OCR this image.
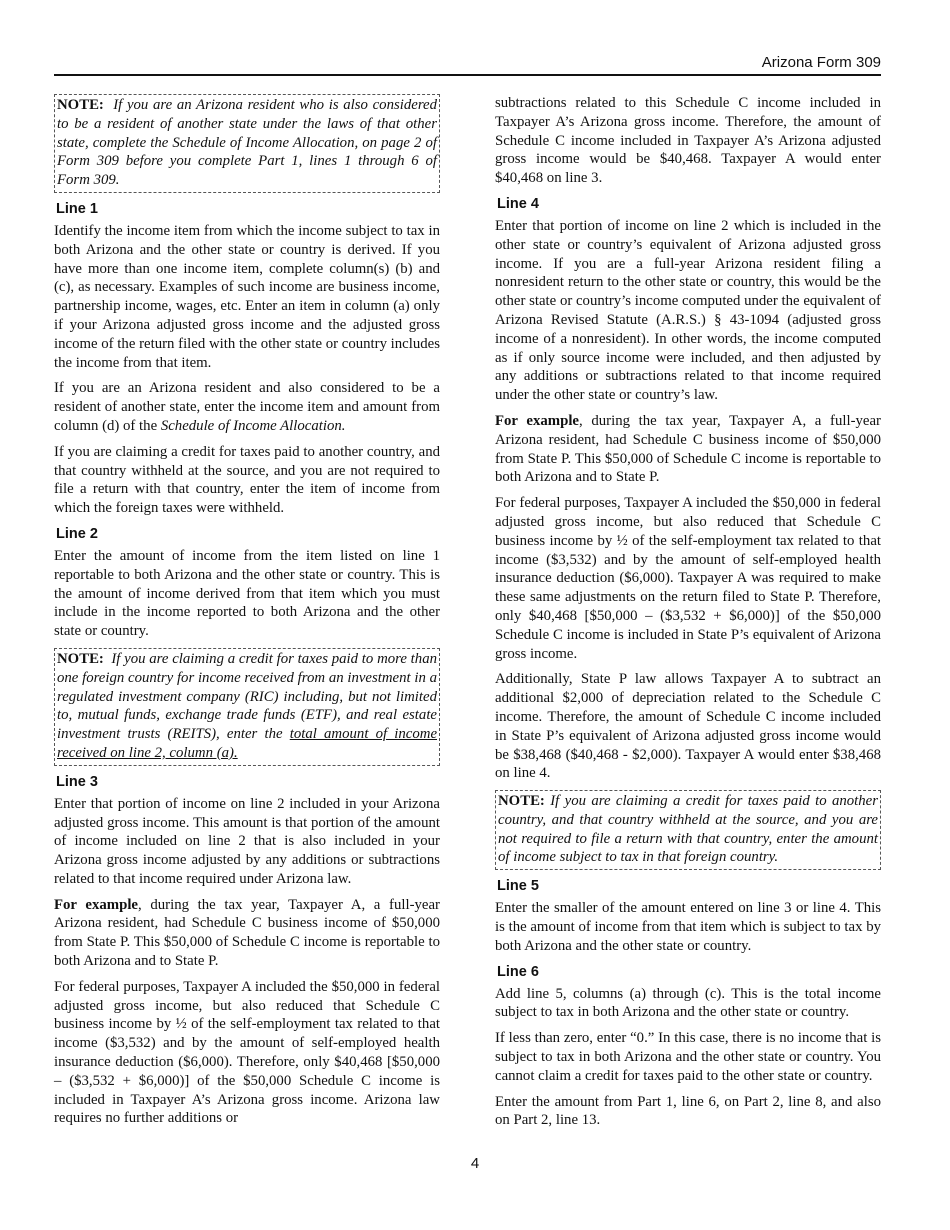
Arizona Form 309
NOTE: If you are an Arizona resident who is also considered to be a resident of another state under the laws of that other state, complete the Schedule of Income Allocation, on page 2 of Form 309 before you complete Part 1, lines 1 through 6 of Form 309.
Line 1

Identify the income item from which the income subject to tax in both Arizona and the other state or country is derived. If you have more than one income item, complete column(s) (b) and (c), as necessary. Examples of such income are business income, partnership income, wages, etc. Enter an item in column (a) only if your Arizona adjusted gross income and the adjusted gross income of the return filed with the other state or country includes the income from that item.

If you are an Arizona resident and also considered to be a resident of another state, enter the income item and amount from column (d) of the Schedule of Income Allocation.

If you are claiming a credit for taxes paid to another country, and that country withheld at the source, and you are not required to file a return with that country, enter the item of income from which the foreign taxes were withheld.

Line 2

Enter the amount of income from the item listed on line 1 reportable to both Arizona and the other state or country. This is the amount of income derived from that item which you must include in the income reported to both Arizona and the other state or country.

NOTE: If you are claiming a credit for taxes paid to more than one foreign country for income received from an investment in a regulated investment company (RIC) including, but not limited to, mutual funds, exchange trade funds (ETF), and real estate investment trusts (REITS), enter the total amount of income received on line 2, column (a).
Line 3

Enter that portion of income on line 2 included in your Arizona adjusted gross income. This amount is that portion of the amount of income included on line 2 that is also included in your Arizona gross income adjusted by any additions or subtractions related to that income required under Arizona law.

For example, during the tax year, Taxpayer A, a full-year Arizona resident, had Schedule C business income of $50,000 from State P. This $50,000 of Schedule C income is reportable to both Arizona and to State P.

For federal purposes, Taxpayer A included the $50,000 in federal adjusted gross income, but also reduced that Schedule C business income by ½ of the self-employment tax related to that income ($3,532) and by the amount of self-employed health insurance deduction ($6,000). Therefore, only $40,468 [$50,000 – ($3,532 + $6,000)] of the $50,000 Schedule C income is included in Taxpayer A’s Arizona gross income. Arizona law requires no further additions or

subtractions related to this Schedule C income included in Taxpayer A’s Arizona gross income. Therefore, the amount of Schedule C income included in Taxpayer A’s Arizona adjusted gross income would be $40,468. Taxpayer A would enter $40,468 on line 3.

Line 4

Enter that portion of income on line 2 which is included in the other state or country’s equivalent of Arizona adjusted gross income. If you are a full-year Arizona resident filing a nonresident return to the other state or country, this would be the other state or country’s income computed under the equivalent of Arizona Revised Statute (A.R.S.) § 43-1094 (adjusted gross income of a nonresident). In other words, the income computed as if only source income were included, and then adjusted by any additions or subtractions related to that income required under the other state or country’s law.

For example, during the tax year, Taxpayer A, a full-year Arizona resident, had Schedule C business income of $50,000 from State P. This $50,000 of Schedule C income is reportable to both Arizona and to State P.

For federal purposes, Taxpayer A included the $50,000 in federal adjusted gross income, but also reduced that Schedule C business income by ½ of the self-employment tax related to that income ($3,532) and by the amount of self-employed health insurance deduction ($6,000). Taxpayer A was required to make these same adjustments on the return filed to State P. Therefore, only $40,468 [$50,000 – ($3,532 + $6,000)] of the $50,000 Schedule C income is included in State P’s equivalent of Arizona gross income.

Additionally, State P law allows Taxpayer A to subtract an additional $2,000 of depreciation related to the Schedule C income. Therefore, the amount of Schedule C income included in State P’s equivalent of Arizona adjusted gross income would be $38,468 ($40,468 - $2,000). Taxpayer A would enter $38,468 on line 4.

NOTE: If you are claiming a credit for taxes paid to another country, and that country withheld at the source, and you are not required to file a return with that country, enter the amount of income subject to tax in that foreign country.
Line 5

Enter the smaller of the amount entered on line 3 or line 4. This is the amount of income from that item which is subject to tax by both Arizona and the other state or country.

Line 6

Add line 5, columns (a) through (c). This is the total income subject to tax in both Arizona and the other state or country.

If less than zero, enter “0.” In this case, there is no income that is subject to tax in both Arizona and the other state or country. You cannot claim a credit for taxes paid to the other state or country.

Enter the amount from Part 1, line 6, on Part 2, line 8, and also on Part 2, line 13.

4
